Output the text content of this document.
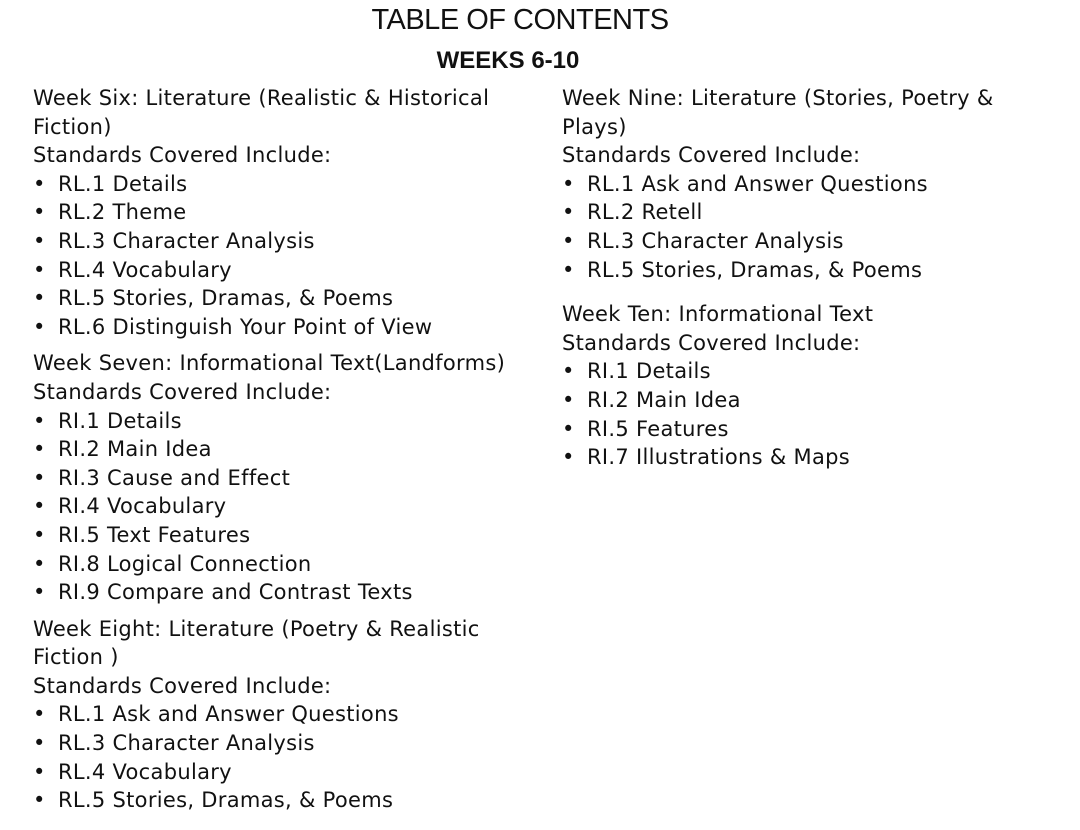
TABLE OF CONTENTS
WEEKS 6-10
Week Six: Literature (Realistic & Historical Fiction)
Standards Covered Include:
• RL.1 Details
• RL.2 Theme
• RL.3 Character Analysis
• RL.4 Vocabulary
• RL.5 Stories, Dramas, & Poems
• RL.6 Distinguish Your Point of View
Week Seven: Informational Text(Landforms)
Standards Covered Include:
• RI.1 Details
• RI.2 Main Idea
• RI.3 Cause and Effect
• RI.4 Vocabulary
• RI.5 Text Features
• RI.8 Logical Connection
• RI.9 Compare and Contrast Texts
Week Eight: Literature (Poetry & Realistic Fiction )
Standards Covered Include:
• RL.1 Ask and Answer Questions
• RL.3 Character Analysis
• RL.4 Vocabulary
• RL.5 Stories, Dramas, & Poems
Week Nine: Literature (Stories, Poetry & Plays)
Standards Covered Include:
• RL.1 Ask and Answer Questions
• RL.2 Retell
• RL.3 Character Analysis
• RL.5 Stories, Dramas, & Poems
Week Ten: Informational Text
Standards Covered Include:
• RI.1 Details
• RI.2 Main Idea
• RI.5 Features
• RI.7 Illustrations & Maps
